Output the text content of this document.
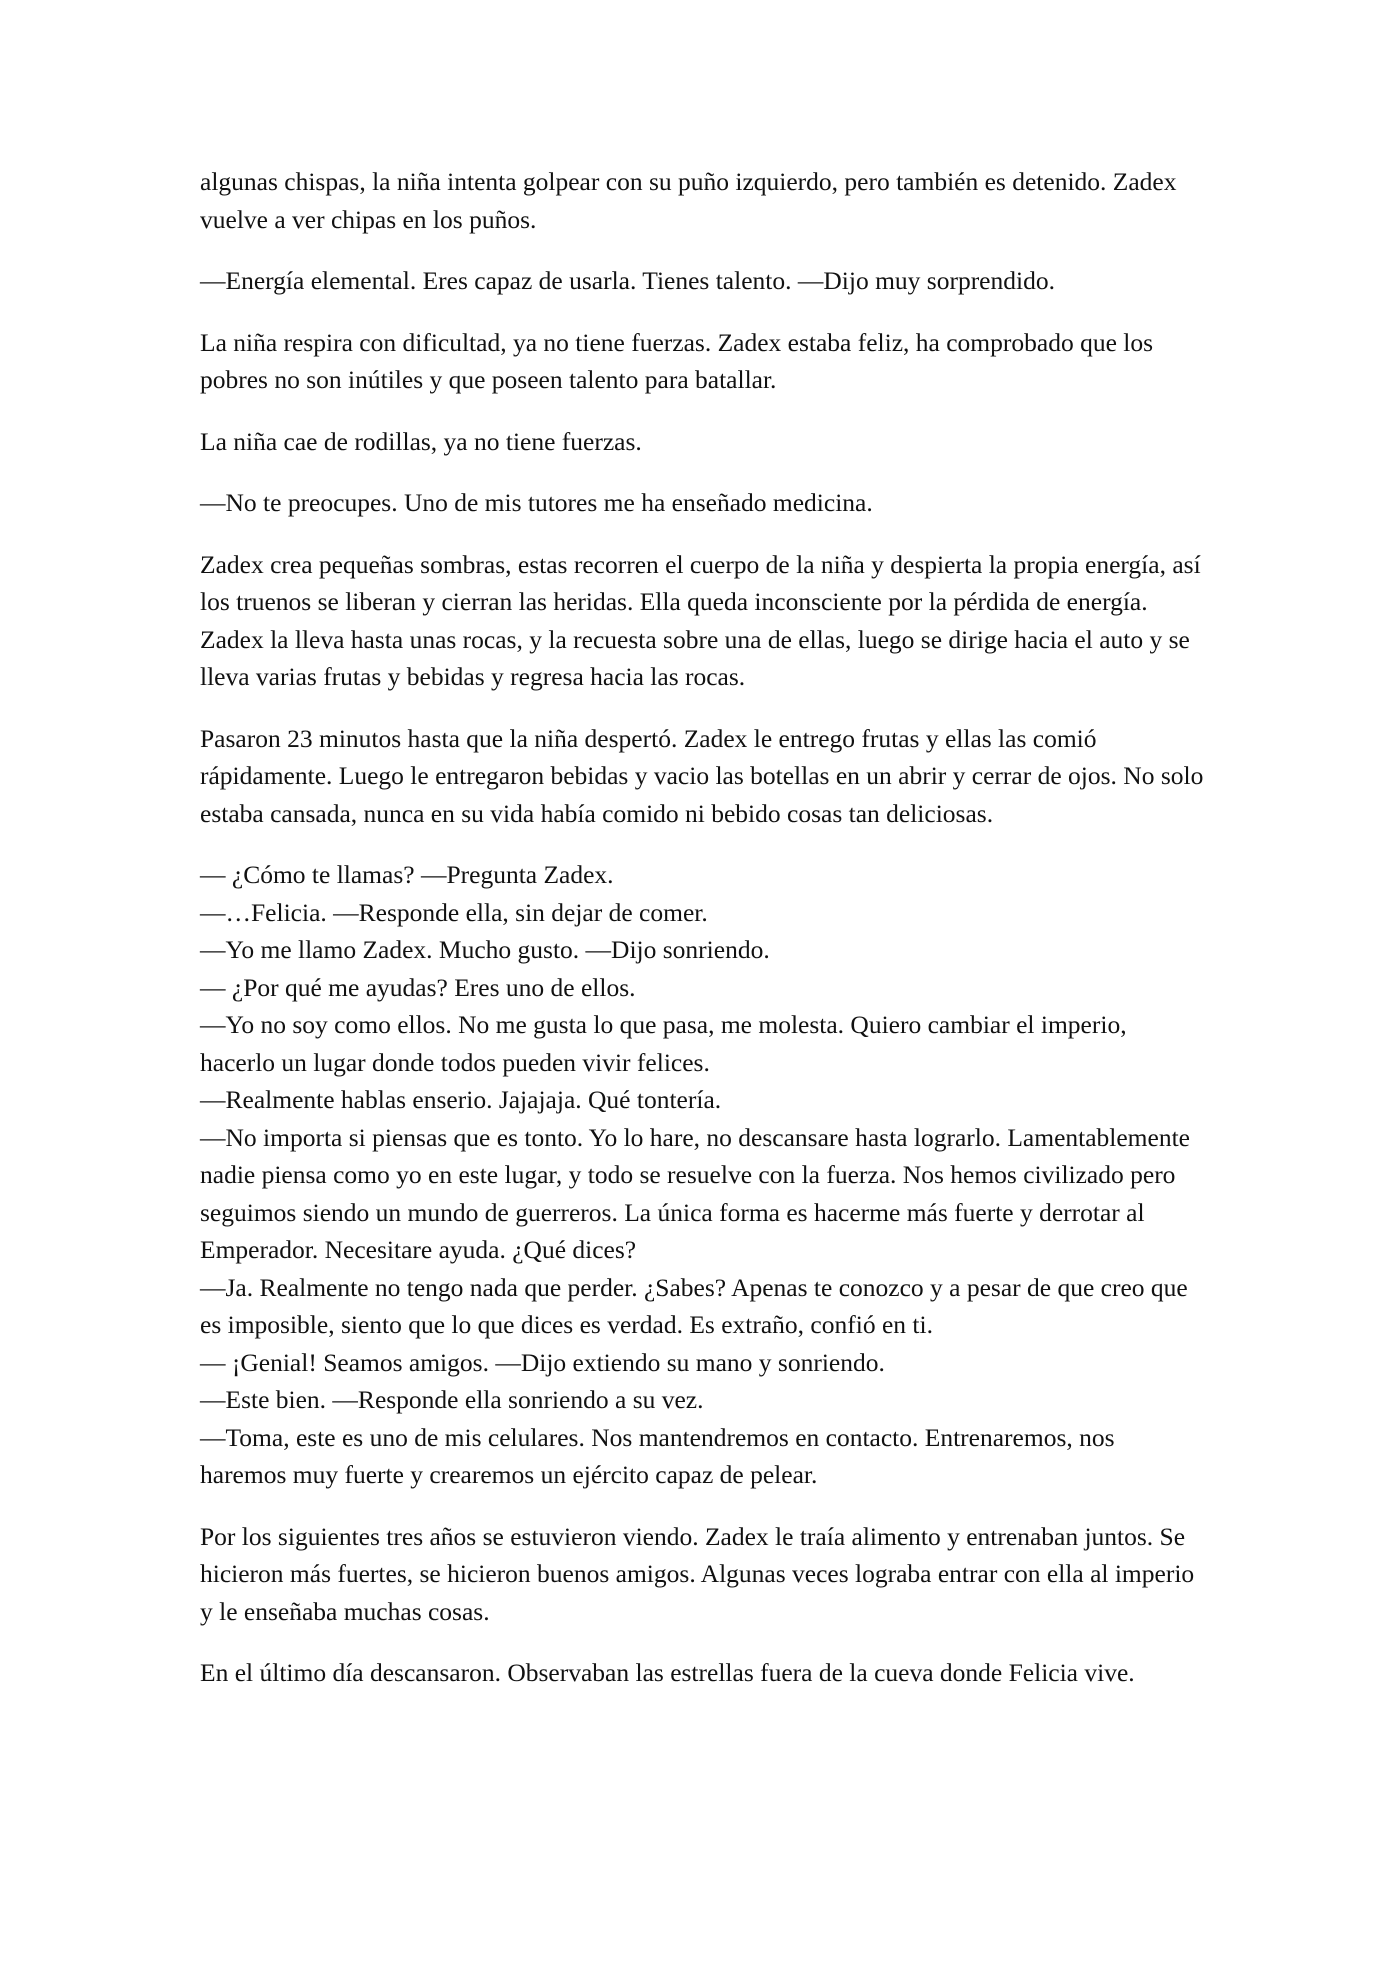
algunas chispas, la niña intenta golpear con su puño izquierdo, pero también es detenido. Zadex vuelve a ver chipas en los puños.

—Energía elemental. Eres capaz de usarla. Tienes talento. —Dijo muy sorprendido.

La niña respira con dificultad, ya no tiene fuerzas. Zadex estaba feliz, ha comprobado que los pobres no son inútiles y que poseen talento para batallar.

La niña cae de rodillas, ya no tiene fuerzas.

—No te preocupes. Uno de mis tutores me ha enseñado medicina.

Zadex crea pequeñas sombras, estas recorren el cuerpo de la niña y despierta la propia energía, así los truenos se liberan y cierran las heridas. Ella queda inconsciente por la pérdida de energía. Zadex la lleva hasta unas rocas, y la recuesta sobre una de ellas, luego se dirige hacia el auto y se lleva varias frutas y bebidas y regresa hacia las rocas.

Pasaron 23 minutos hasta que la niña despertó. Zadex le entrego frutas y ellas las comió rápidamente. Luego le entregaron bebidas y vacio las botellas en un abrir y cerrar de ojos. No solo estaba cansada, nunca en su vida había comido ni bebido cosas tan deliciosas.

— ¿Cómo te llamas? —Pregunta Zadex.
—…Felicia. —Responde ella, sin dejar de comer.
—Yo me llamo Zadex. Mucho gusto. —Dijo sonriendo.
— ¿Por qué me ayudas? Eres uno de ellos.
—Yo no soy como ellos. No me gusta lo que pasa, me molesta. Quiero cambiar el imperio, hacerlo un lugar donde todos pueden vivir felices.
—Realmente hablas enserio. Jajajaja. Qué tontería.
—No importa si piensas que es tonto. Yo lo hare, no descansare hasta lograrlo. Lamentablemente nadie piensa como yo en este lugar, y todo se resuelve con la fuerza. Nos hemos civilizado pero seguimos siendo un mundo de guerreros. La única forma es hacerme más fuerte y derrotar al Emperador. Necesitare ayuda. ¿Qué dices?
—Ja. Realmente no tengo nada que perder. ¿Sabes? Apenas te conozco y a pesar de que creo que es imposible, siento que lo que dices es verdad. Es extraño, confió en ti.
— ¡Genial! Seamos amigos. —Dijo extiendo su mano y sonriendo.
—Este bien. —Responde ella sonriendo a su vez.
—Toma, este es uno de mis celulares. Nos mantendremos en contacto. Entrenaremos, nos haremos muy fuerte y crearemos un ejército capaz de pelear.

Por los siguientes tres años se estuvieron viendo. Zadex le traía alimento y entrenaban juntos. Se hicieron más fuertes, se hicieron buenos amigos. Algunas veces lograba entrar con ella al imperio y le enseñaba muchas cosas.

En el último día descansaron. Observaban las estrellas fuera de la cueva donde Felicia vive.
